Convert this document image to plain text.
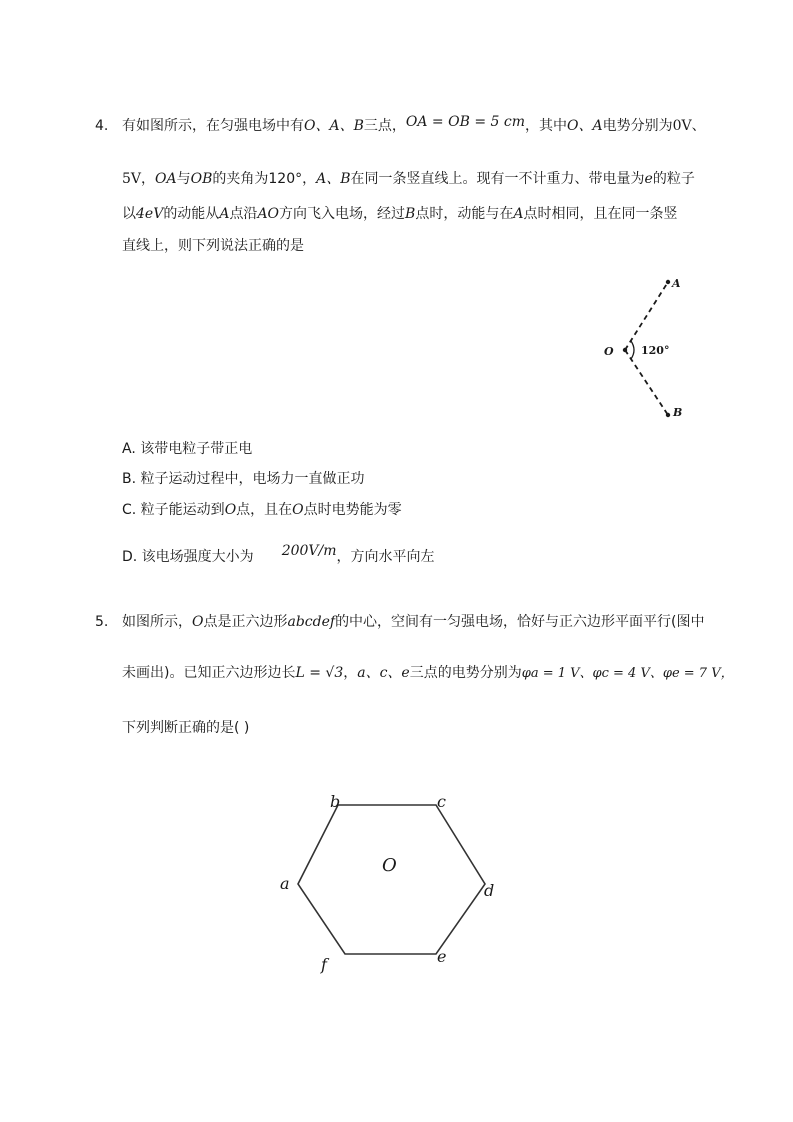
4. 有如图所示，在匀强电场中有O、A、B三点，OA = OB = 5 cm，其中O、A电势分别为0V、
5V，OA与OB的夹角为120°，A、B在同一条竖直线上。现有一不计重力、带电量为e的粒子
以4eV的动能从A点沿AO方向飞入电场，经过B点时，动能与在A点时相同，且在同一条竖
直线上，则下列说法正确的是
A
B
O 120°
A. 该带电粒子带正电
B. 粒子运动过程中，电场力一直做正功
C. 粒子能运动到O点，且在O点时电势能为零
D. 该电场强度大小为 200V/m，方向水平向左
5. 如图所示，O点是正六边形abcdef的中心，空间有一匀强电场，恰好与正六边形平面平行(图中
未画出)。已知正六边形边长L = √3，a、c、e三点的电势分别为φa = 1 V、φc = 4 V、φe = 7 V，
下列判断正确的是( )
b	c
a	d
e
f
O
